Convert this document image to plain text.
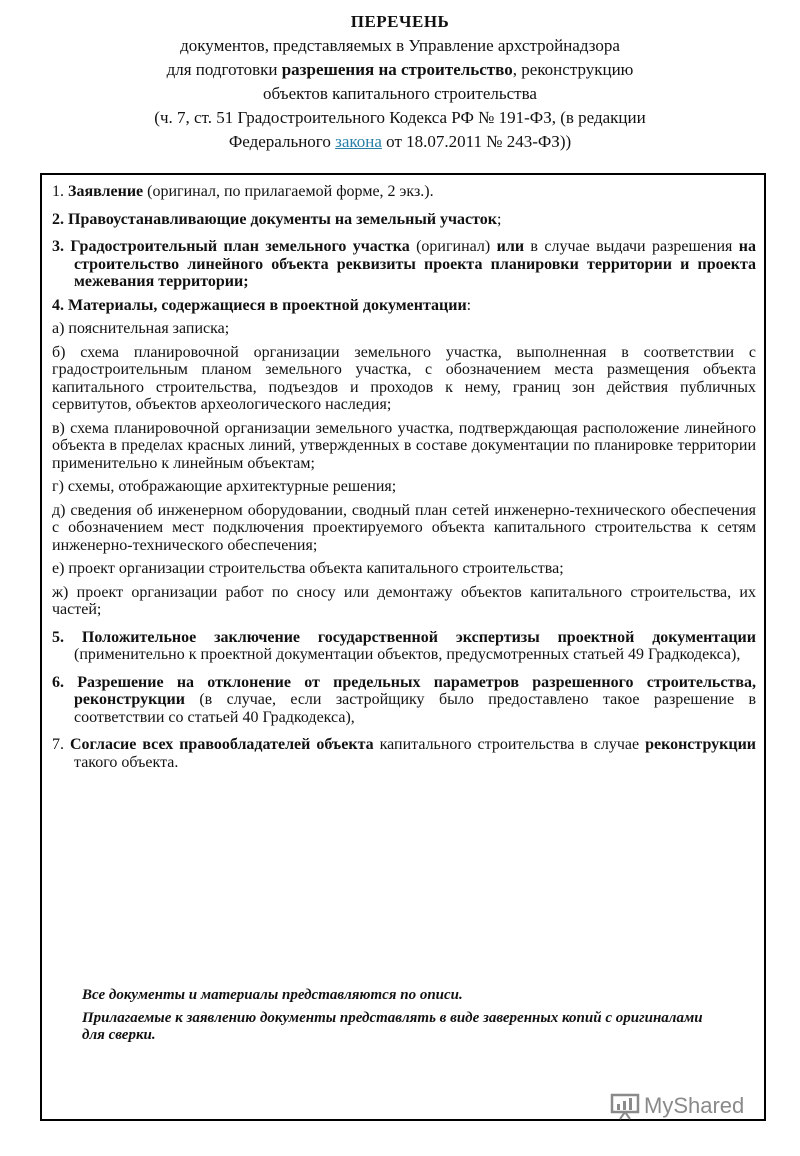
ПЕРЕЧЕНЬ
документов, представляемых в Управление архстройнадзора
для подготовки разрешения на строительство, реконструкцию
объектов капитального строительства
(ч. 7, ст. 51 Градостроительного Кодекса РФ № 191-ФЗ, (в редакции
Федерального закона от 18.07.2011 № 243-ФЗ))

1. Заявление (оригинал, по прилагаемой форме, 2 экз.).

2. Правоустанавливающие документы на земельный участок;

3. Градостроительный план земельного участка (оригинал) или в случае выдачи разрешения на строительство линейного объекта реквизиты проекта планировки территории и проекта межевания территории;

4. Материалы, содержащиеся в проектной документации:

а) пояснительная записка;

б) схема планировочной организации земельного участка, выполненная в соответствии с градостроительным планом земельного участка, с обозначением места размещения объекта капитального строительства, подъездов и проходов к нему, границ зон действия публичных сервитутов, объектов археологического наследия;

в) схема планировочной организации земельного участка, подтверждающая расположение линейного объекта в пределах красных линий, утвержденных в составе документации по планировке территории применительно к линейным объектам;

г) схемы, отображающие архитектурные решения;

д) сведения об инженерном оборудовании, сводный план сетей инженерно-технического обеспечения с обозначением мест подключения проектируемого объекта капитального строительства к сетям инженерно-технического обеспечения;

е) проект организации строительства объекта капитального строительства;

ж) проект организации работ по сносу или демонтажу объектов капитального строительства, их частей;

5. Положительное заключение государственной экспертизы проектной документации (применительно к проектной документации объектов, предусмотренных статьей 49 Градкодекса),

6. Разрешение на отклонение от предельных параметров разрешенного строительства, реконструкции (в случае, если застройщику было предоставлено такое разрешение в соответствии со статьей 40 Градкодекса),

7. Согласие всех правообладателей объекта капитального строительства в случае реконструкции такого объекта.

Все документы и материалы представляются по описи.

Прилагаемые к заявлению документы представлять в виде заверенных копий с оригиналами для сверки.

MyShared
